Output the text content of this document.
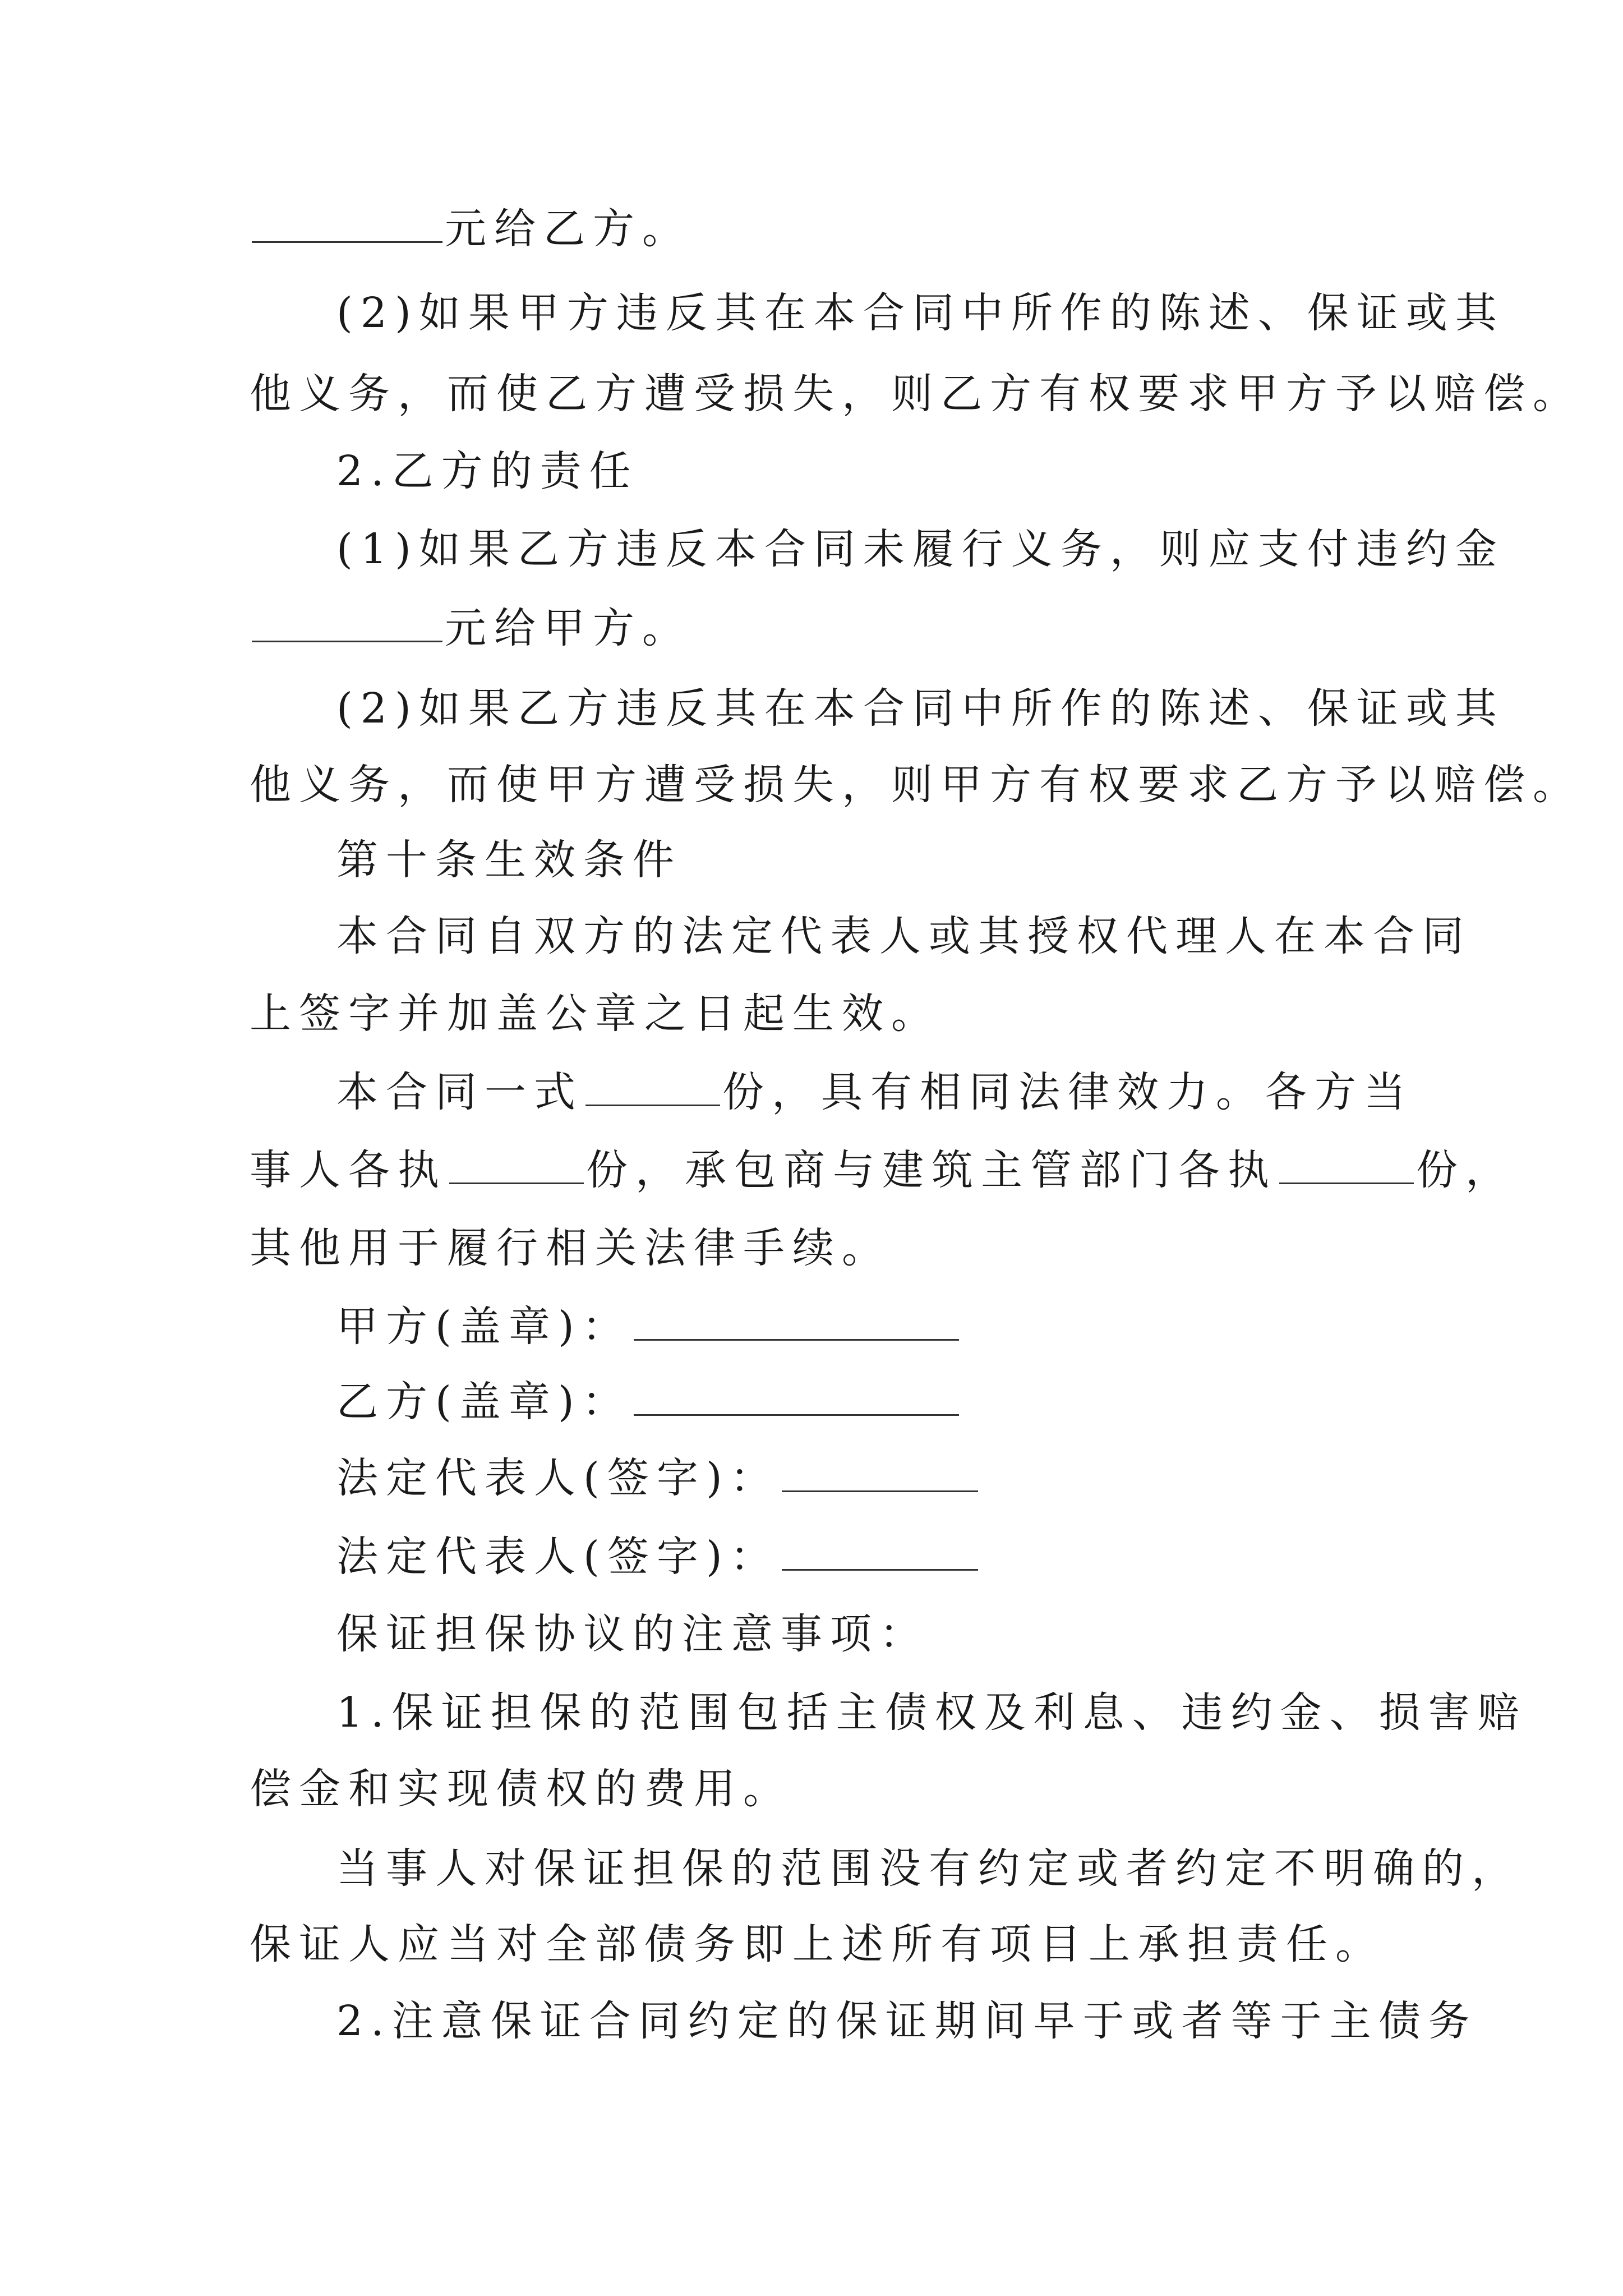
元给乙方。
(2)如果甲方违反其在本合同中所作的陈述、保证或其
他义务，而使乙方遭受损失，则乙方有权要求甲方予以赔偿。
2.乙方的责任
(1)如果乙方违反本合同未履行义务，则应支付违约金
元给甲方。
(2)如果乙方违反其在本合同中所作的陈述、保证或其
他义务，而使甲方遭受损失，则甲方有权要求乙方予以赔偿。
第十条生效条件
本合同自双方的法定代表人或其授权代理人在本合同
上签字并加盖公章之日起生效。
本合同一式	份，具有相同法律效力。各方当
事人各执	份，承包商与建筑主管部门各执	份，
其他用于履行相关法律手续。
甲方(盖章)：
乙方(盖章)：
法定代表人(签字)：
法定代表人(签字)：
保证担保协议的注意事项：
1.保证担保的范围包括主债权及利息、违约金、损害赔
偿金和实现债权的费用。
当事人对保证担保的范围没有约定或者约定不明确的，
保证人应当对全部债务即上述所有项目上承担责任。
2.注意保证合同约定的保证期间早于或者等于主债务
